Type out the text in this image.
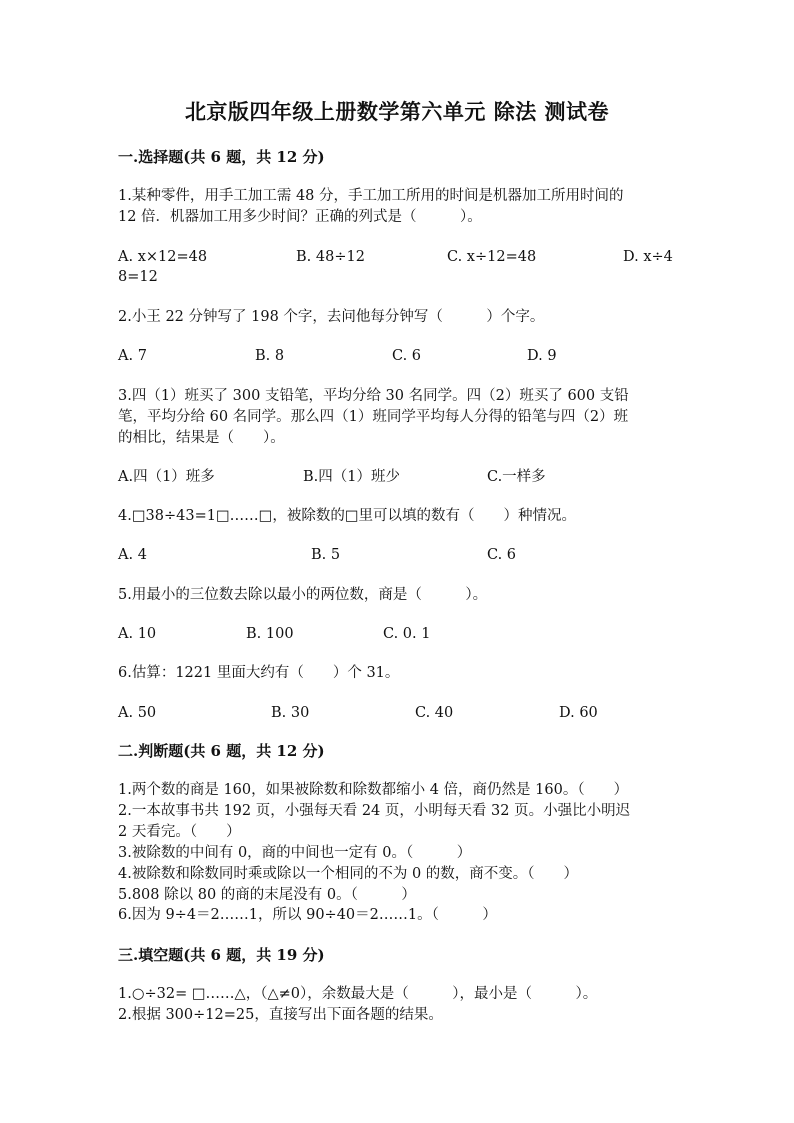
北京版四年级上册数学第六单元 除法 测试卷
一.选择题(共 6 题，共 12 分)
1.某种零件，用手工加工需 48 分，手工加工所用的时间是机器加工所用时间的
12 倍．机器加工用多少时间？正确的列式是（　　　）。
A. x×12=48	B. 48÷12	C. x÷12=48	D. x÷4
8=12
2.小王 22 分钟写了 198 个字，去问他每分钟写（　　　）个字。
A. 7	B. 8	C. 6	D. 9
3.四（1）班买了 300 支铅笔，平均分给 30 名同学。四（2）班买了 600 支铅
笔，平均分给 60 名同学。那么四（1）班同学平均每人分得的铅笔与四（2）班
的相比，结果是（　　）。
A.四（1）班多	B.四（1）班少	C.一样多
4.□38÷43=1□……□，被除数的□里可以填的数有（　　）种情况。
A. 4	B. 5	C. 6
5.用最小的三位数去除以最小的两位数，商是（　　　）。
A. 10	B. 100	C. 0. 1
6.估算：1221 里面大约有（　　）个 31。
A. 50	B. 30	C. 40	D. 60
二.判断题(共 6 题，共 12 分)
1.两个数的商是 160，如果被除数和除数都缩小 4 倍，商仍然是 160。（　　）
2.一本故事书共 192 页，小强每天看 24 页，小明每天看 32 页。小强比小明迟
2 天看完。（　　）
3.被除数的中间有 0，商的中间也一定有 0。（　　　）
4.被除数和除数同时乘或除以一个相同的不为 0 的数，商不变。（　　）
5.808 除以 80 的商的末尾没有 0。（　　　）
6.因为 9÷4＝2……1，所以 90÷40＝2……1。（　　　）
三.填空题(共 6 题，共 19 分)
1.○÷32= □……△，（△≠0），余数最大是（　　　），最小是（　　　）。
2.根据 300÷12=25，直接写出下面各题的结果。
